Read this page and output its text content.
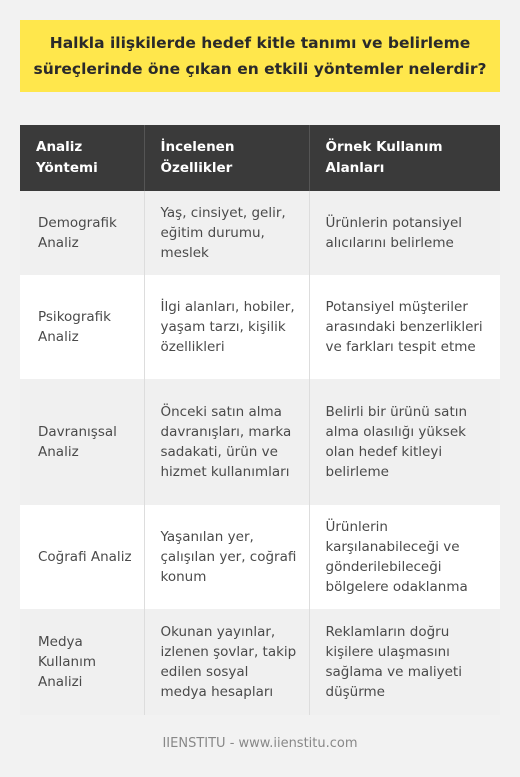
Halkla ilişkilerde hedef kitle tanımı ve belirleme süreçlerinde öne çıkan en etkili yöntemler nelerdir?
Analiz Yöntemi	İncelenen Özellikler	Örnek Kullanım Alanları
Demografik Analiz	Yaş, cinsiyet, gelir, eğitim durumu, meslek	Ürünlerin potansiyel alıcılarını belirleme
Psikografik Analiz	İlgi alanları, hobiler, yaşam tarzı, kişilik özellikleri	Potansiyel müşteriler arasındaki benzerlikleri ve farkları tespit etme
Davranışsal Analiz	Önceki satın alma davranışları, marka sadakati, ürün ve hizmet kullanımları	Belirli bir ürünü satın alma olasılığı yüksek olan hedef kitleyi belirleme
Coğrafi Analiz	Yaşanılan yer, çalışılan yer, coğrafi konum	Ürünlerin karşılanabileceği ve gönderilebileceği bölgelere odaklanma
Medya Kullanım Analizi	Okunan yayınlar, izlenen şovlar, takip edilen sosyal medya hesapları	Reklamların doğru kişilere ulaşmasını sağlama ve maliyeti düşürme
IIENSTITU - www.iienstitu.com
